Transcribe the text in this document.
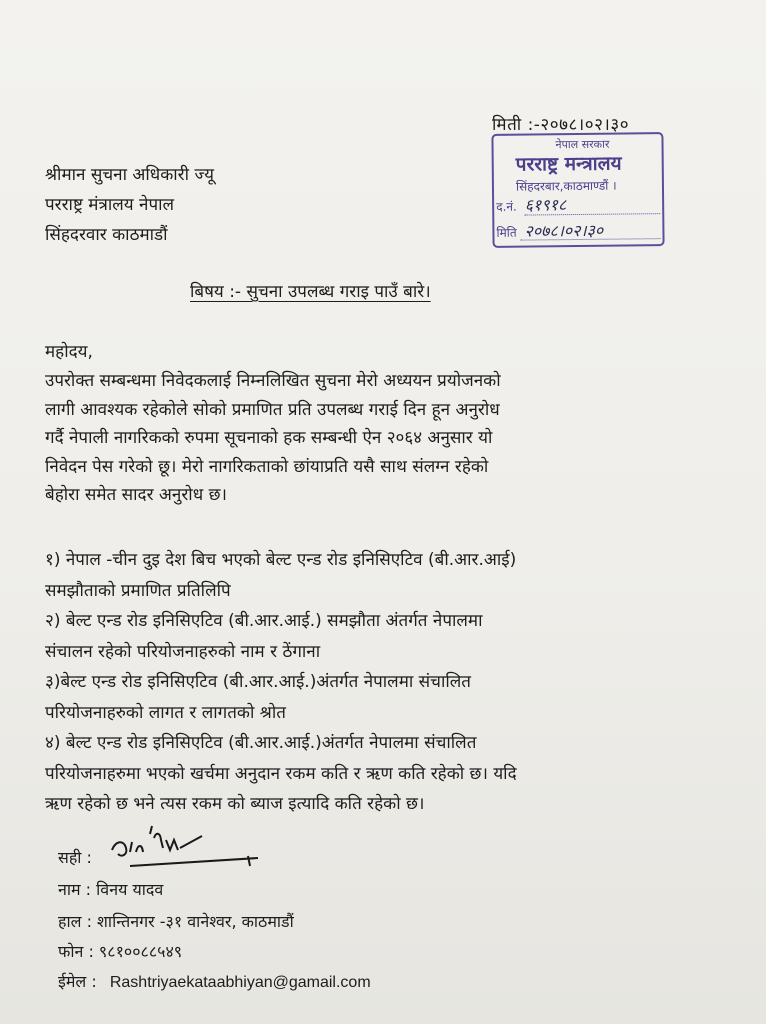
मिती :-२०७८।०२।३०
श्रीमान सुचना अधिकारी ज्यू
परराष्ट्र मंत्रालय नेपाल
सिंहदरवार काठमाडौं
नेपाल सरकार
परराष्ट्र मन्त्रालय
सिंहदरबार,काठमाण्डौं ।
द.नं. ६१९१८
मिति २०७८।०२।३०
बिषय :- सुचना उपलब्ध गराइ पाउँ बारे।
महोदय,
उपरोक्त सम्बन्धमा निवेदकलाई निम्नलिखित सुचना मेरो अध्ययन प्रयोजनको
लागी आवश्यक रहेकोले सोको प्रमाणित प्रति उपलब्ध गराई दिन हून अनुरोध
गर्दै नेपाली नागरिकको रुपमा सूचनाको हक सम्बन्धी ऐन २०६४ अनुसार यो
निवेदन पेस गरेको छू। मेरो नागरिकताको छांयाप्रति यसै साथ संलग्न रहेको
बेहोरा समेत सादर अनुरोध छ।
१) नेपाल -चीन दुइ देश बिच भएको बेल्ट एन्ड रोड इनिसिएटिव (बी.आर.आई)
समझौताको प्रमाणित प्रतिलिपि
२) बेल्ट एन्ड रोड इनिसिएटिव (बी.आर.आई.) समझौता अंतर्गत नेपालमा
संचालन रहेको परियोजनाहरुको नाम र ठेंगाना
३)बेल्ट एन्ड रोड इनिसिएटिव (बी.आर.आई.)अंतर्गत नेपालमा संचालित
परियोजनाहरुको लागत र लागतको श्रोत
४) बेल्ट एन्ड रोड इनिसिएटिव (बी.आर.आई.)अंतर्गत नेपालमा संचालित
परियोजनाहरुमा भएको खर्चमा अनुदान रकम कति र ऋण कति रहेको छ। यदि
ऋण रहेको छ भने त्यस रकम को ब्याज इत्यादि कति रहेको छ।
सही :
नाम : विनय यादव
हाल : शान्तिनगर -३१ वानेश्वर, काठमाडौं
फोन : ९८१००८८५४९
ईमेल : Rashtriyaekataabhiyan@gamail.com
